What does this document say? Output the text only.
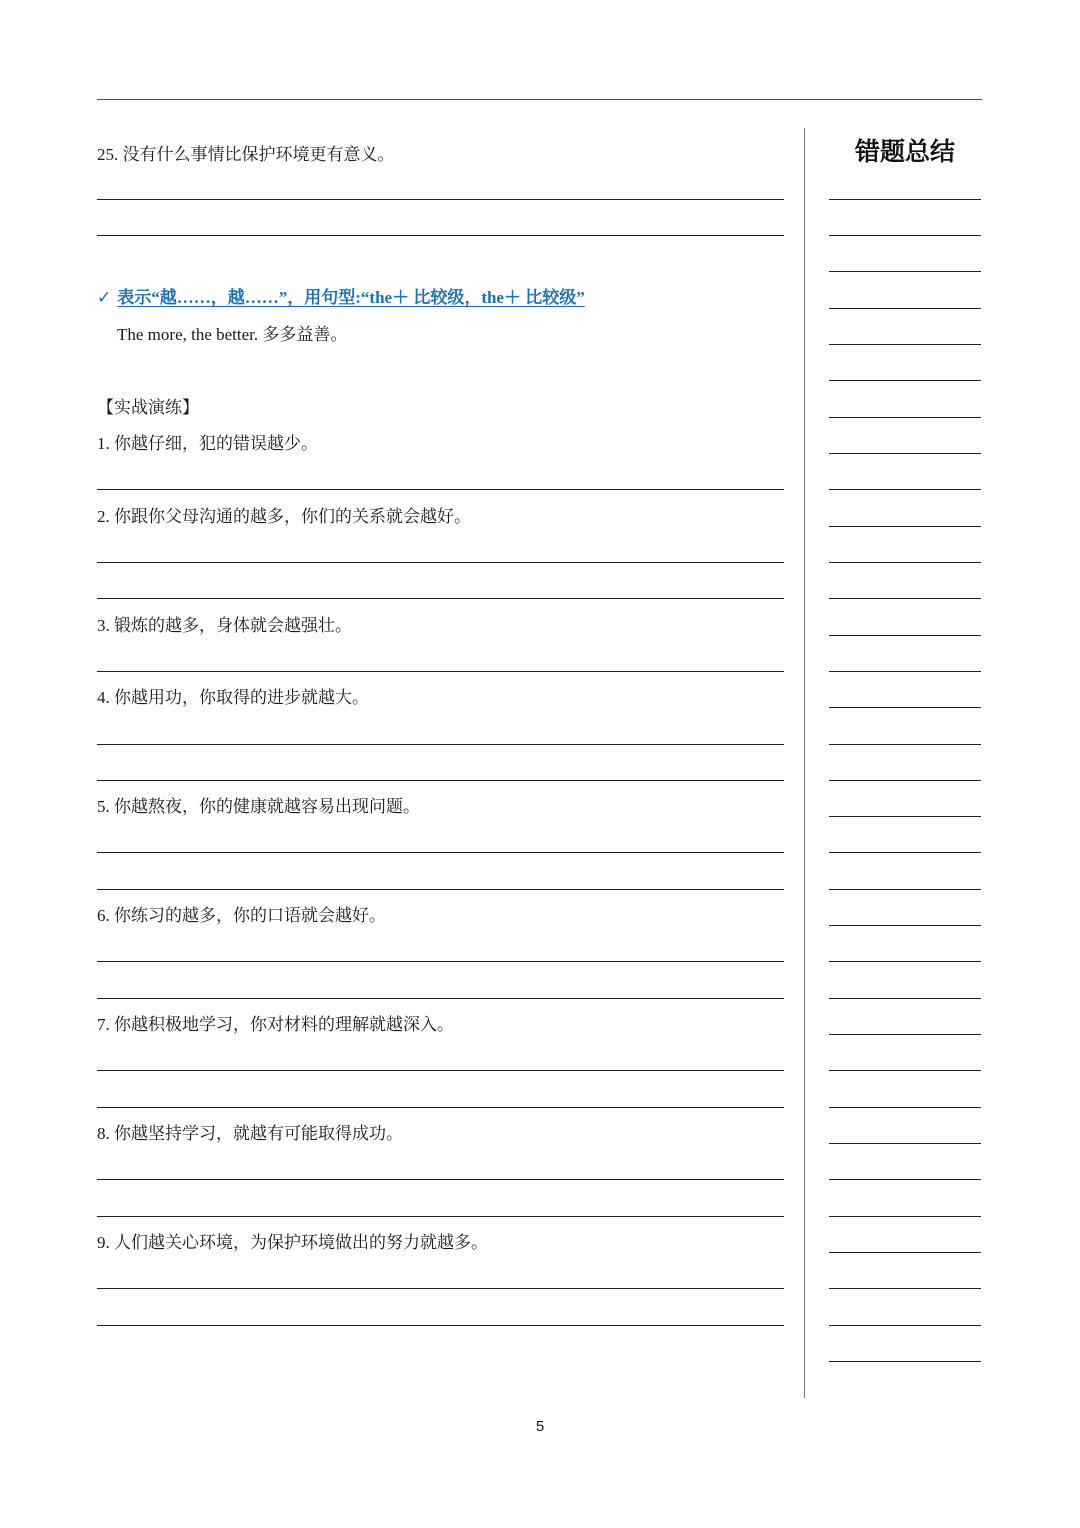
错题总结
25. 没有什么事情比保护环境更有意义。
✓ 表示“越……，越……”，用句型:“the＋ 比较级，the＋ 比较级”
The more, the better. 多多益善。
【实战演练】
1. 你越仔细，犯的错误越少。
2. 你跟你父母沟通的越多，你们的关系就会越好。
3. 锻炼的越多，身体就会越强壮。
4. 你越用功，你取得的进步就越大。
5. 你越熬夜，你的健康就越容易出现问题。
6. 你练习的越多，你的口语就会越好。
7. 你越积极地学习，你对材料的理解就越深入。
8. 你越坚持学习，就越有可能取得成功。
9. 人们越关心环境，为保护环境做出的努力就越多。
5
